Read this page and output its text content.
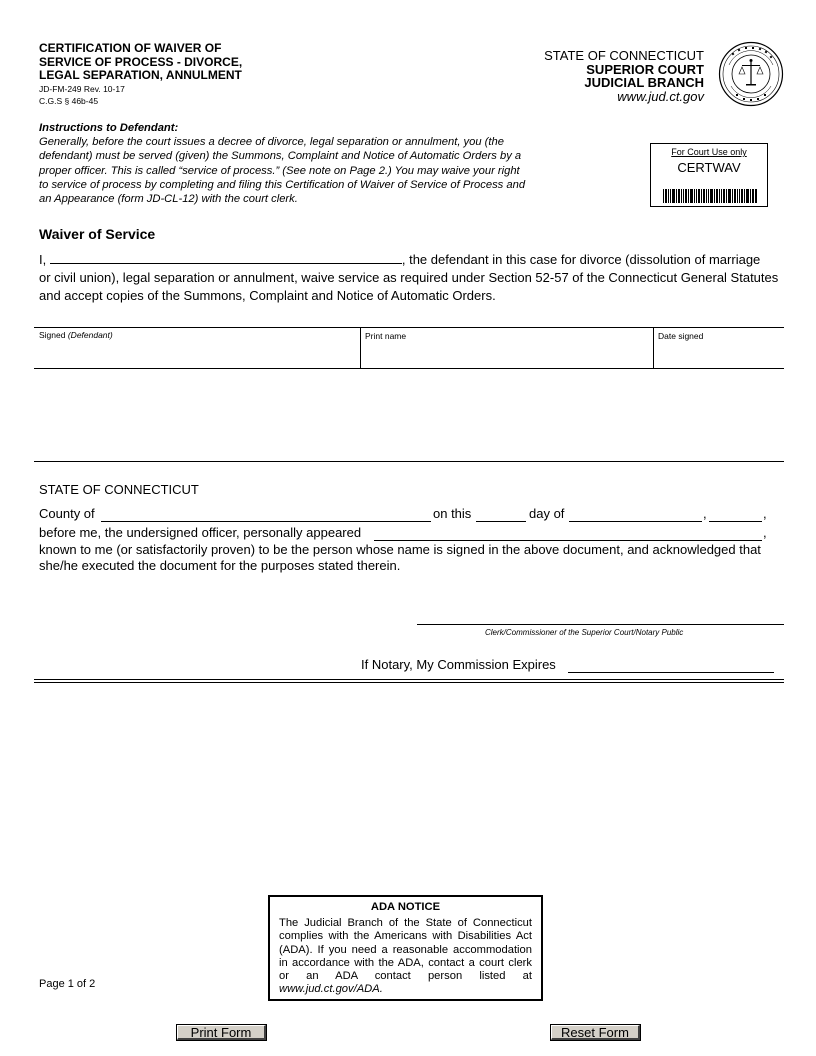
CERTIFICATION OF WAIVER OF
SERVICE OF PROCESS - DIVORCE,
LEGAL SEPARATION, ANNULMENT
JD-FM-249 Rev. 10-17
C.G.S § 46b-45
STATE OF CONNECTICUT
SUPERIOR COURT
JUDICIAL BRANCH
www.jud.ct.gov
Instructions to Defendant:
Generally, before the court issues a decree of divorce, legal separation or annulment, you (the defendant) must be served (given) the Summons, Complaint and Notice of Automatic Orders by a proper officer. This is called “service of process.” (See note on Page 2.) You may waive your right to service of process by completing and filing this Certification of Waiver of Service of Process and an Appearance (form JD-CL-12) with the court clerk.
For Court Use only
CERTWAV
Waiver of Service
I,	, the defendant in this case for divorce (dissolution of marriage
or civil union), legal separation or annulment, waive service as required under Section 52-57 of the Connecticut General Statutes and accept copies of the Summons, Complaint and Notice of Automatic Orders.
Signed (Defendant)	Print name	Date signed
STATE OF CONNECTICUT
County of	on this	day of	,	,
before me, the undersigned officer, personally appeared	,
known to me (or satisfactorily proven) to be the person whose name is signed in the above document, and acknowledged that she/he executed the document for the purposes stated therein.
Clerk/Commissioner of the Superior Court/Notary Public
If Notary, My Commission Expires
ADA NOTICE
The Judicial Branch of the State of Connecticut complies with the Americans with Disabilities Act (ADA). If you need a reasonable accommodation in accordance with the ADA, contact a court clerk or an ADA contact person listed at www.jud.ct.gov/ADA.
Page 1 of 2
Print Form	Reset Form
